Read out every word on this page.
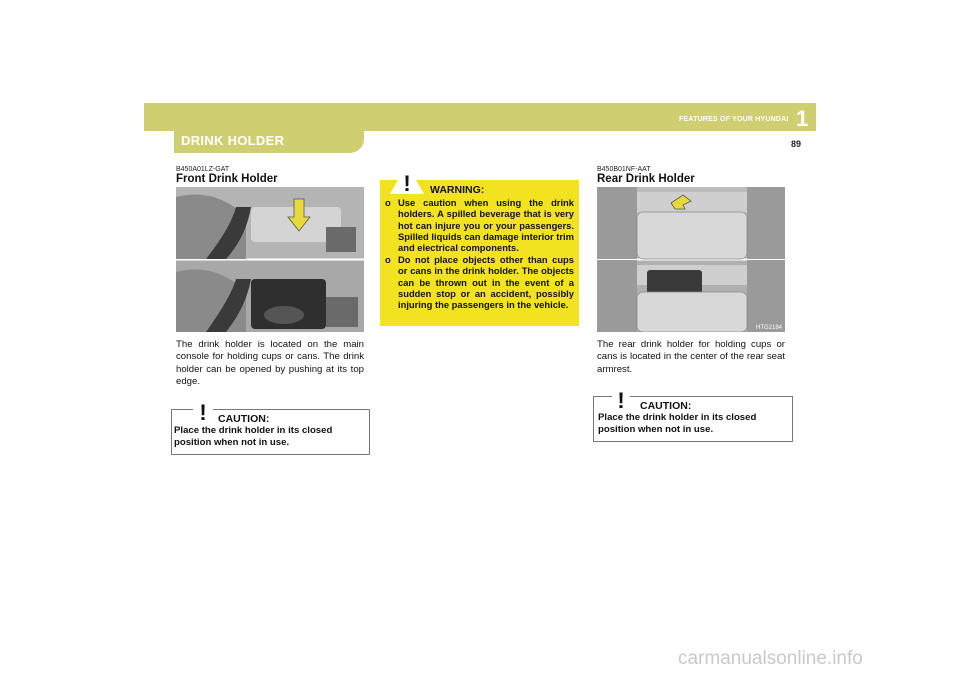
FEATURES OF YOUR HYUNDAI 1
89
DRINK HOLDER
B450A01LZ-GAT
Front Drink Holder
The drink holder is located on the main console for holding cups or cans. The drink holder can be opened by pushing at its top edge.
! CAUTION:
Place the drink holder in its closed position when not in use.
! WARNING:
o Use caution when using the drink holders. A spilled beverage that is very hot can injure you or your passengers. Spilled liquids can damage interior trim and electrical components.
o Do not place objects other than cups or cans in the drink holder. The objects can be thrown out in the event of a sudden stop or an accident, possibly injuring the passengers in the vehicle.
B450B01NF-AAT
Rear Drink Holder
HTG2184
The rear drink holder for holding cups or cans is located in the center of the rear seat armrest.
! CAUTION:
Place the drink holder in its closed position when not in use.
carmanualsonline.info
